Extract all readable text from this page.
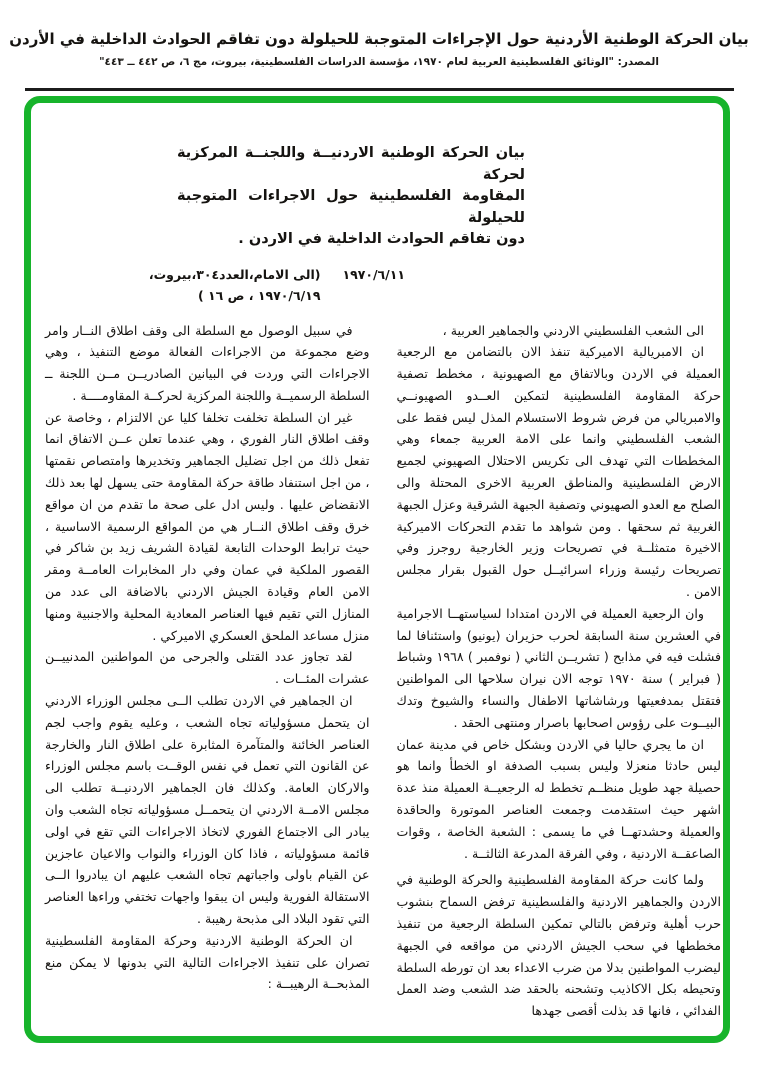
بيان الحركة الوطنية الأردنية حول الإجراءات المتوجبة للحيلولة دون تفاقم الحوادث الداخلية في الأردن
المصدر: "الوثائق الفلسطينية العربية لعام ١٩٧٠، مؤسسة الدراسات الفلسطينية، بيروت، مج ٦، ص ٤٤٢ ــ ٤٤٣"
بيان الحركة الوطنية الاردنيــة واللجنــة المركزية لحركة
المقاومة الفلسطينية حول الاجراءات المتوجبة للحيلولة
دون تفاقم الحوادث الداخلية في الاردن .
١٩٧٠/٦/١١
(الى الامام،العدد٣٠٤،بيروت،
١٩٧٠/٦/١٩ ، ص ١٦ )

الى الشعب الفلسطيني الاردني والجماهير العربية ،

ان الامبريالية الاميركية تنفذ الان بالتضامن مع الرجعية العميلة في الاردن وبالاتفاق مع الصهيونية ، مخطط تصفية حركة المقاومة الفلسطينية لتمكين العــدو الصهيونــي والامبريالي من فرض شروط الاستسلام المذل ليس فقط على الشعب الفلسطيني وانما على الامة العربية جمعاء وهي المخططات التي تهدف الى تكريس الاحتلال الصهيوني لجميع الارض الفلسطينية والمناطق العربية الاخرى المحتلة والى الصلح مع العدو الصهيوني وتصفية الجبهة الشرقية وعزل الجبهة الغربية ثم سحقها . ومن شواهد ما تقدم التحركات الاميركية الاخيرة متمثلــة في تصريحات وزير الخارجية روجرز وفي تصريحات رئيسة وزراء اسرائيــل حول القبول بقرار مجلس الامن .

وان الرجعية العميلة في الاردن امتدادا لسياستهــا الاجرامية في العشرين سنة السابقة لحرب حزيران (يونيو) واستئنافا لما فشلت فيه في مذابح ( تشريــن الثاني ( نوفمبر ) ١٩٦٨ وشباط ( فبراير ) سنة ١٩٧٠ توجه الان نيران سلاحها الى المواطنين فتقتل بمدفعيتها ورشاشاتها الاطفال والنساء والشيوخ وتدك البيــوت على رؤوس اصحابها باصرار ومنتهى الحقد .

ان ما يجري حاليا في الاردن وبشكل خاص في مدينة عمان ليس حادثا منعزلا وليس بسبب الصدفة او الخطأ وانما هو حصيلة جهد طويل منظــم تخطط له الرجعيــة العميلة منذ عدة اشهر حيث استقدمت وجمعت العناصر الموتورة والحاقدة والعميلة وحشدتهــا في ما يسمى : الشعبة الخاصة ، وقوات الصاعقــة الاردنية ، وفي الفرقة المدرعة الثالثــة .

ولما كانت حركة المقاومة الفلسطينية والحركة الوطنية في الاردن والجماهير الاردنية والفلسطينية ترفض السماح بنشوب حرب أهلية وترفض بالتالي تمكين السلطة الرجعية من تنفيذ مخططها في سحب الجيش الاردني من مواقعه في الجبهة ليضرب المواطنين بدلا من ضرب الاعداء بعد ان تورطه السلطة وتحيطه بكل الاكاذيب وتشحنه بالحقد ضد الشعب وضد العمل الفدائي ، فانها قد بذلت أقصى جهدها

في سبيل الوصول مع السلطة الى وقف اطلاق النــار وامر وضع مجموعة من الاجراءات الفعالة موضع التنفيذ ، وهي الاجراءات التي وردت في البيانين الصادريــن مــن اللجنة ــ السلطة الرسميــة واللجنة المركزية لحركــة المقاومــــة .

غير ان السلطة تخلفت تخلفا كليا عن الالتزام ، وخاصة عن وقف اطلاق النار الفوري ، وهي عندما تعلن عــن الاتفاق انما تفعل ذلك من اجل تضليل الجماهير وتخديرها وامتصاص نقمتها ، من اجل استنفاد طاقة حركة المقاومة حتى يسهل لها بعد ذلك الانقضاض عليها . وليس ادل على صحة ما تقدم من ان مواقع خرق وقف اطلاق النــار هي من المواقع الرسمية الاساسية ، حيث ترابط الوحدات التابعة لقيادة الشريف زيد بن شاكر في القصور الملكية في عمان وفي دار المخابرات العامــة ومقر الامن العام وقيادة الجيش الاردني بالاضافة الى عدد من المنازل التي تقيم فيها العناصر المعادية المحلية والاجنبية ومنها منزل مساعد الملحق العسكري الاميركي .

لقد تجاوز عدد القتلى والجرحى من المواطنين المدنييــن عشرات المئــات .

ان الجماهير في الاردن تطلب الــى مجلس الوزراء الاردني ان يتحمل مسؤولياته تجاه الشعب ، وعليه يقوم واجب لجم العناصر الخائنة والمتآمرة المثابرة على اطلاق النار والخارجة عن القانون التي تعمل في نفس الوقــت باسم مجلس الوزراء والاركان العامة. وكذلك فان الجماهير الاردنيــة تطلب الى مجلس الامــة الاردني ان يتحمــل مسؤولياته تجاه الشعب وان يبادر الى الاجتماع الفوري لاتخاذ الاجراءات التي تقع في اولى قائمة مسؤولياته ، فاذا كان الوزراء والنواب والاعيان عاجزين عن القيام باولى واجباتهم تجاه الشعب عليهم ان يبادروا الــى الاستقالة الفورية وليس ان يبقوا واجهات تختفي وراءها العناصر التي تقود البلاد الى مذبحة رهيبة .

ان الحركة الوطنية الاردنية وحركة المقاومة الفلسطينية تصران على تنفيذ الاجراءات التالية التي بدونها لا يمكن منع المذبحــة الرهيبــة :
